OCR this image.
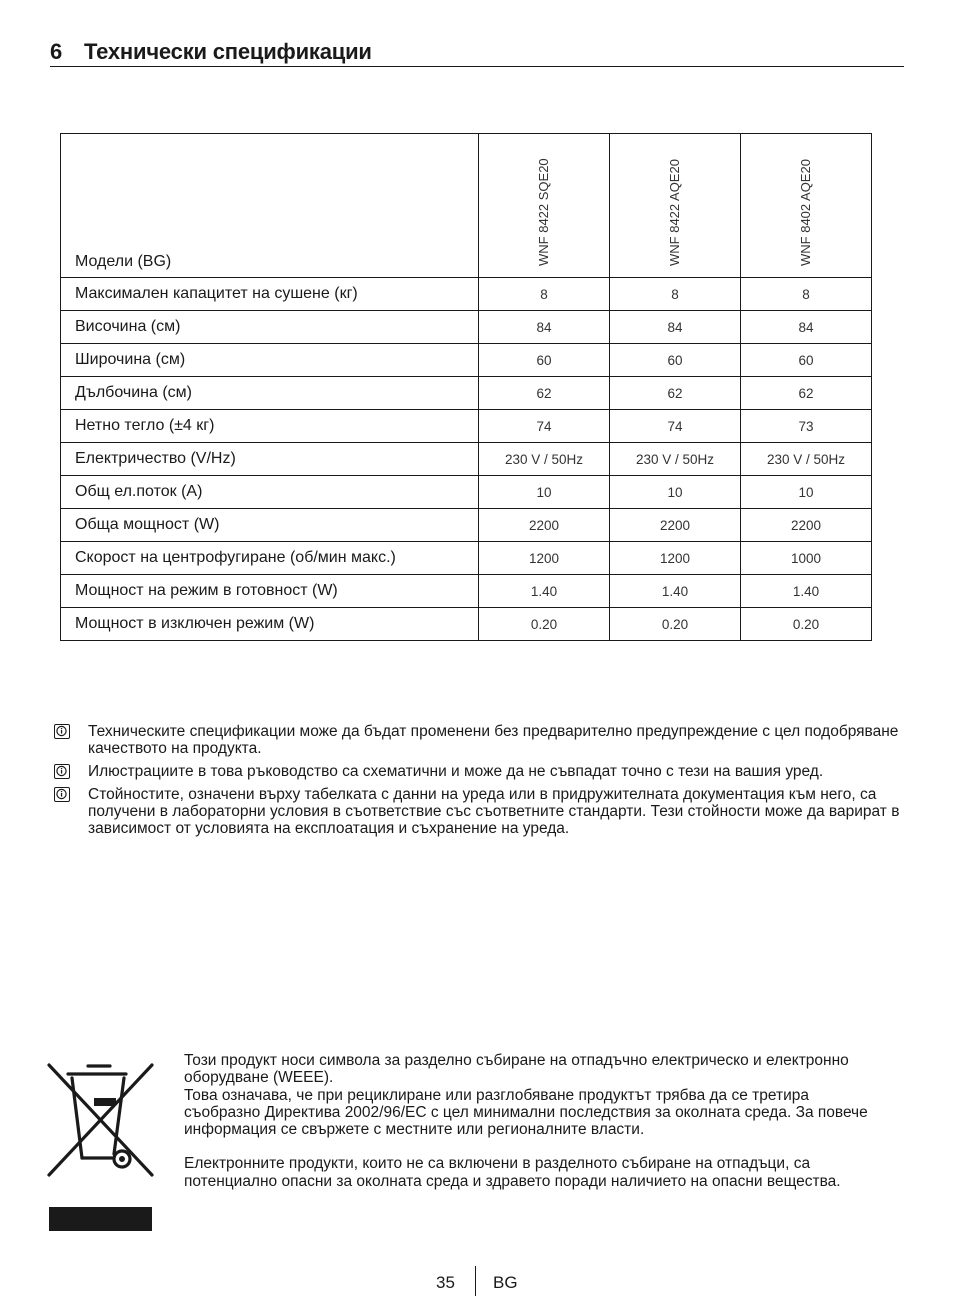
6 Технически спецификации
Модели (BG)	WNF 8422 SQE20	WNF 8422 AQE20	WNF 8402 AQE20

Максимален капацитет на сушене (кг)	8	8	8
Височина (см)	84	84	84
Широчина (см)	60	60	60
Дълбочина (см)	62	62	62
Нетно тегло (±4 кг)	74	74	73
Електричество (V/Hz)	230 V / 50Hz	230 V / 50Hz	230 V / 50Hz
Общ ел.поток (A)	10	10	10
Обща мощност (W)	2200	2200	2200
Скорост на центрофугиране (об/мин макс.)	1200	1200	1000
Мощност на режим в готовност (W)	1.40	1.40	1.40
Мощност в изключен режим (W)	0.20	0.20	0.20
Техническите спецификации може да бъдат променени без предварително предупреждение с цел подобряване качеството на продукта.
Илюстрациите в това ръководство са схематични и може да не съвпадат точно с тези на вашия уред.
Стойностите, означени върху табелката с данни на уреда или в придружителната документация към него, са получени в лабораторни условия в съответствие със съответните стандарти. Тези стойности може да варират в зависимост от условията на експлоатация и съхранение на уреда.

Този продукт носи символа за разделно събиране на отпадъчно електрическо и електронно оборудване (WEEE).

Това означава, че при рециклиране или разглобяване продуктът трябва да се третира съобразно Директива 2002/96/ЕС с цел минимални последствия за околната среда. За повече информация се свържете с местните или регионалните власти.

Електронните продукти, които не са включени в разделното събиране на отпадъци, са потенциално опасни за околната среда и здравето поради наличието на опасни вещества.

35 BG
